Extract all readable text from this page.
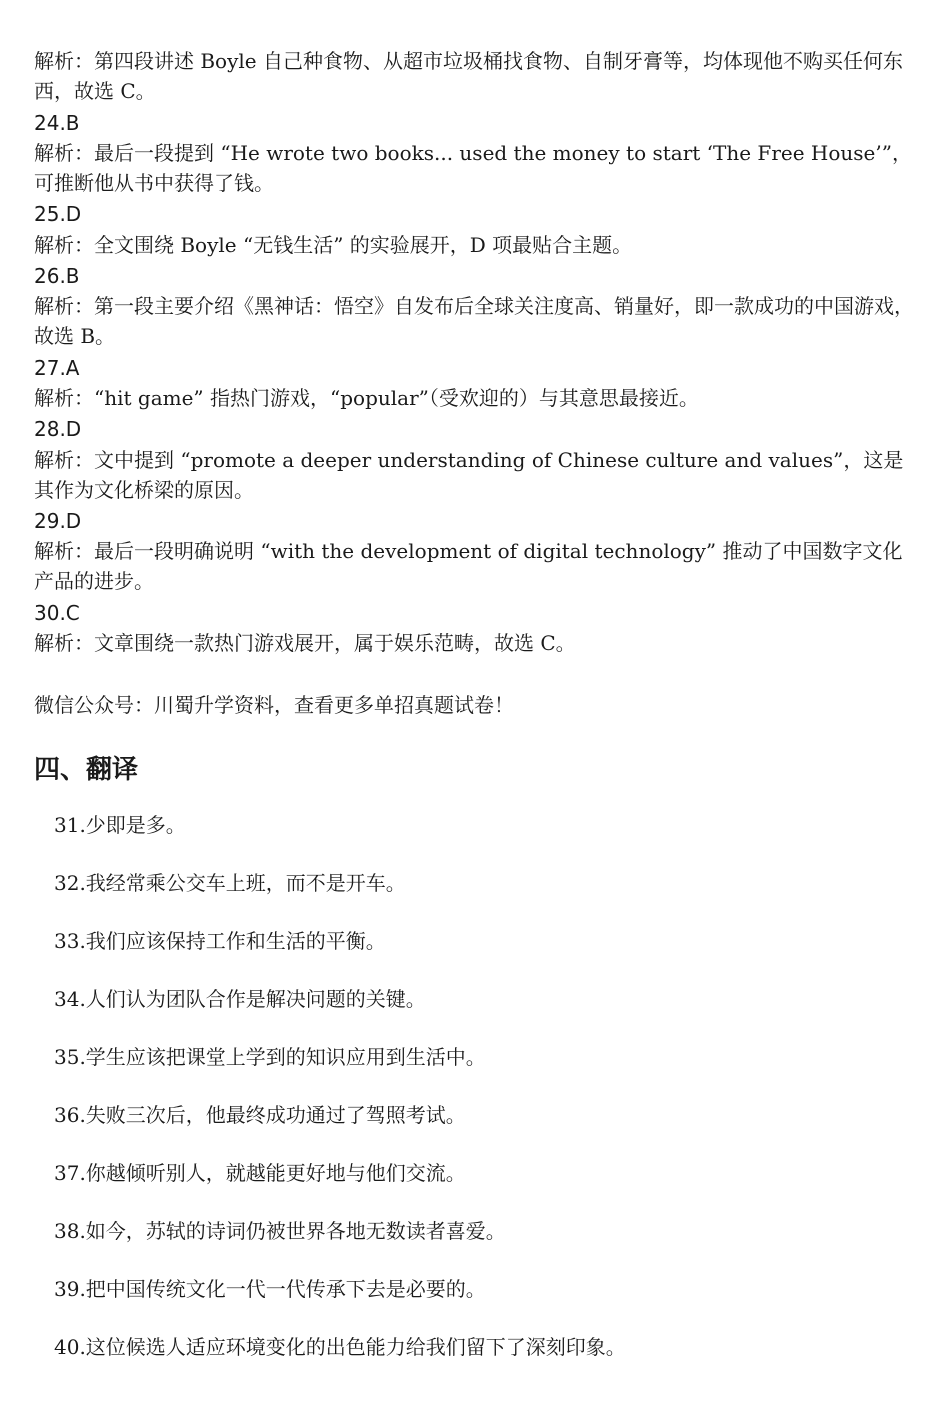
解析：第四段讲述 Boyle 自己种食物、从超市垃圾桶找食物、自制牙膏等，均体现他不购买任何东西，故选 C。
24.B
解析：最后一段提到 “He wrote two books... used the money to start ‘The Free House’”，可推断他从书中获得了钱。
25.D
解析：全文围绕 Boyle “无钱生活” 的实验展开，D 项最贴合主题。
26.B
解析：第一段主要介绍《黑神话：悟空》自发布后全球关注度高、销量好，即一款成功的中国游戏，故选 B。
27.A
解析：“hit game” 指热门游戏，“popular”（受欢迎的）与其意思最接近。
28.D
解析：文中提到 “promote a deeper understanding of Chinese culture and values”，这是其作为文化桥梁的原因。
29.D
解析：最后一段明确说明 “with the development of digital technology” 推动了中国数字文化产品的进步。
30.C
解析：文章围绕一款热门游戏展开，属于娱乐范畴，故选 C。
微信公众号：川蜀升学资料，查看更多单招真题试卷！
四、翻译
31.少即是多。
32.我经常乘公交车上班，而不是开车。
33.我们应该保持工作和生活的平衡。
34.人们认为团队合作是解决问题的关键。
35.学生应该把课堂上学到的知识应用到生活中。
36.失败三次后，他最终成功通过了驾照考试。
37.你越倾听别人，就越能更好地与他们交流。
38.如今，苏轼的诗词仍被世界各地无数读者喜爱。
39.把中国传统文化一代一代传承下去是必要的。
40.这位候选人适应环境变化的出色能力给我们留下了深刻印象。
